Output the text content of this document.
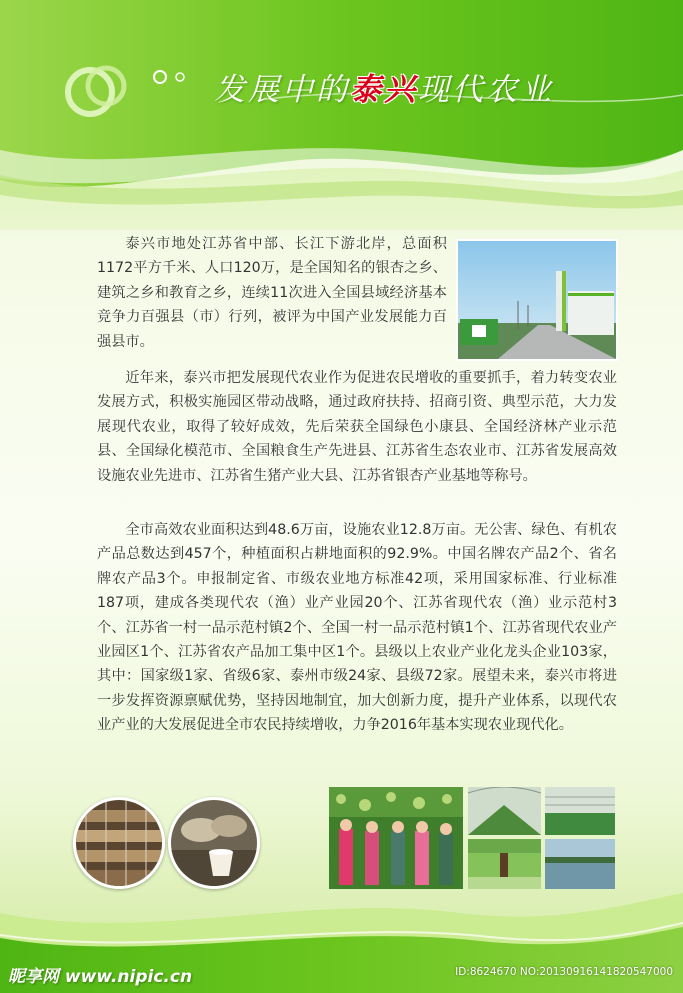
发展中的泰兴现代农业

泰兴市地处江苏省中部、长江下游北岸，总面积1172平方千米、人口120万，是全国知名的银杏之乡、建筑之乡和教育之乡，连续11次进入全国县域经济基本竞争力百强县（市）行列，被评为中国产业发展能力百强县市。

近年来，泰兴市把发展现代农业作为促进农民增收的重要抓手，着力转变农业发展方式，积极实施园区带动战略，通过政府扶持、招商引资、典型示范，大力发展现代农业，取得了较好成效，先后荣获全国绿色小康县、全国经济林产业示范县、全国绿化模范市、全国粮食生产先进县、江苏省生态农业市、江苏省发展高效设施农业先进市、江苏省生猪产业大县、江苏省银杏产业基地等称号。

全市高效农业面积达到48.6万亩，设施农业12.8万亩。无公害、绿色、有机农产品总数达到457个，种植面积占耕地面积的92.9%。中国名牌农产品2个、省名牌农产品3个。申报制定省、市级农业地方标准42项，采用国家标准、行业标准187项，建成各类现代农（渔）业产业园20个、江苏省现代农（渔）业示范村3个、江苏省一村一品示范村镇2个、全国一村一品示范村镇1个、江苏省现代农业产业园区1个、江苏省农产品加工集中区1个。县级以上农业产业化龙头企业103家，其中：国家级1家、省级6家、泰州市级24家、县级72家。展望未来，泰兴市将进一步发挥资源禀赋优势，坚持因地制宜，加大创新力度，提升产业体系，以现代农业产业的大发展促进全市农民持续增收，力争2016年基本实现农业现代化。

昵享网 www.nipic.cn	ID:8624670 NO:20130916141820547000
